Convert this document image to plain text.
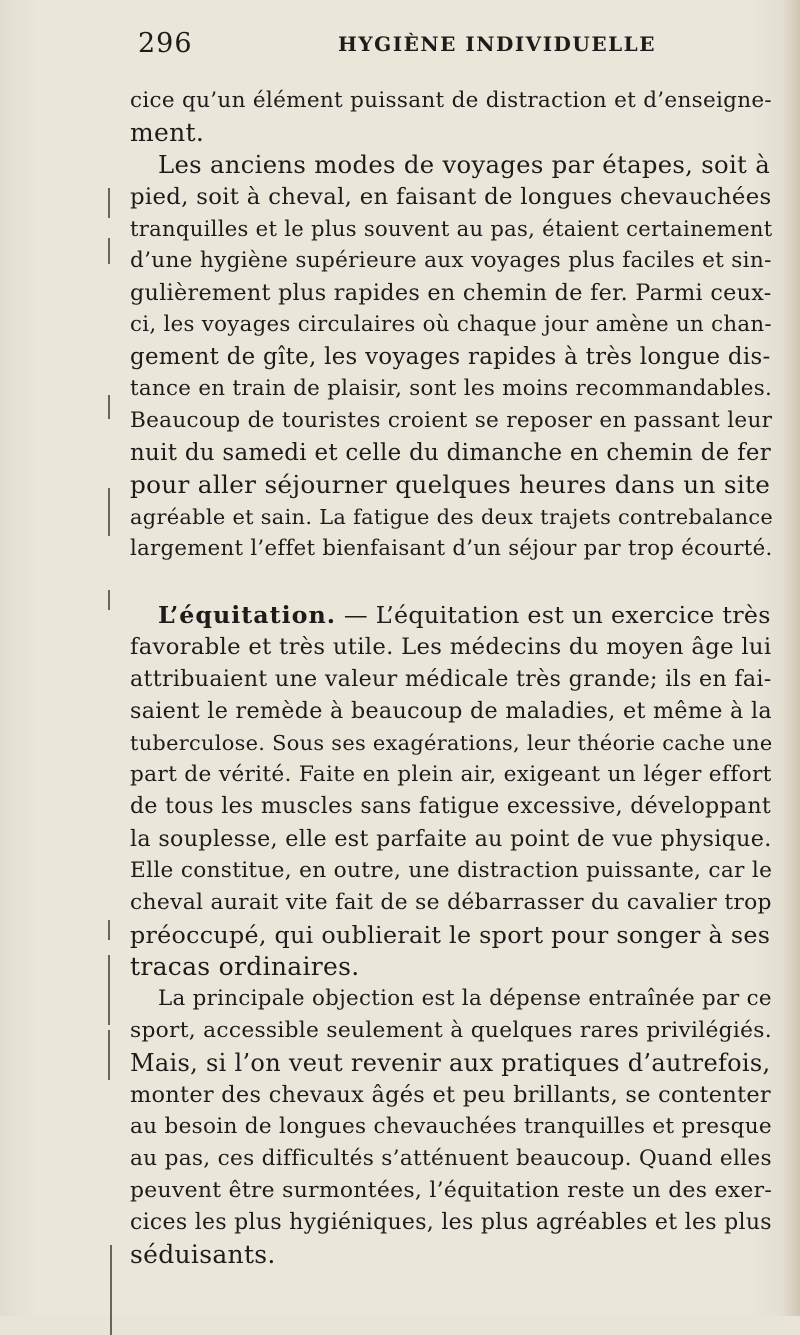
296	HYGIÈNE INDIVIDUELLE
cice qu’un élément puissant de distraction et d’enseigne-
ment.
Les anciens modes de voyages par étapes, soit à
pied, soit à cheval, en faisant de longues chevauchées
tranquilles et le plus souvent au pas, étaient certainement
d’une hygiène supérieure aux voyages plus faciles et sin-
gulièrement plus rapides en chemin de fer. Parmi ceux-
ci, les voyages circulaires où chaque jour amène un chan-
gement de gîte, les voyages rapides à très longue dis-
tance en train de plaisir, sont les moins recommandables.
Beaucoup de touristes croient se reposer en passant leur
nuit du samedi et celle du dimanche en chemin de fer
pour aller séjourner quelques heures dans un site
agréable et sain. La fatigue des deux trajets contrebalance
largement l’effet bienfaisant d’un séjour par trop écourté.
L’équitation. — L’équitation est un exercice très
favorable et très utile. Les médecins du moyen âge lui
attribuaient une valeur médicale très grande; ils en fai-
saient le remède à beaucoup de maladies, et même à la
tuberculose. Sous ses exagérations, leur théorie cache une
part de vérité. Faite en plein air, exigeant un léger effort
de tous les muscles sans fatigue excessive, développant
la souplesse, elle est parfaite au point de vue physique.
Elle constitue, en outre, une distraction puissante, car le
cheval aurait vite fait de se débarrasser du cavalier trop
préoccupé, qui oublierait le sport pour songer à ses
tracas ordinaires.
La principale objection est la dépense entraînée par ce
sport, accessible seulement à quelques rares privilégiés.
Mais, si l’on veut revenir aux pratiques d’autrefois,
monter des chevaux âgés et peu brillants, se contenter
au besoin de longues chevauchées tranquilles et presque
au pas, ces difficultés s’atténuent beaucoup. Quand elles
peuvent être surmontées, l’équitation reste un des exer-
cices les plus hygiéniques, les plus agréables et les plus
séduisants.
